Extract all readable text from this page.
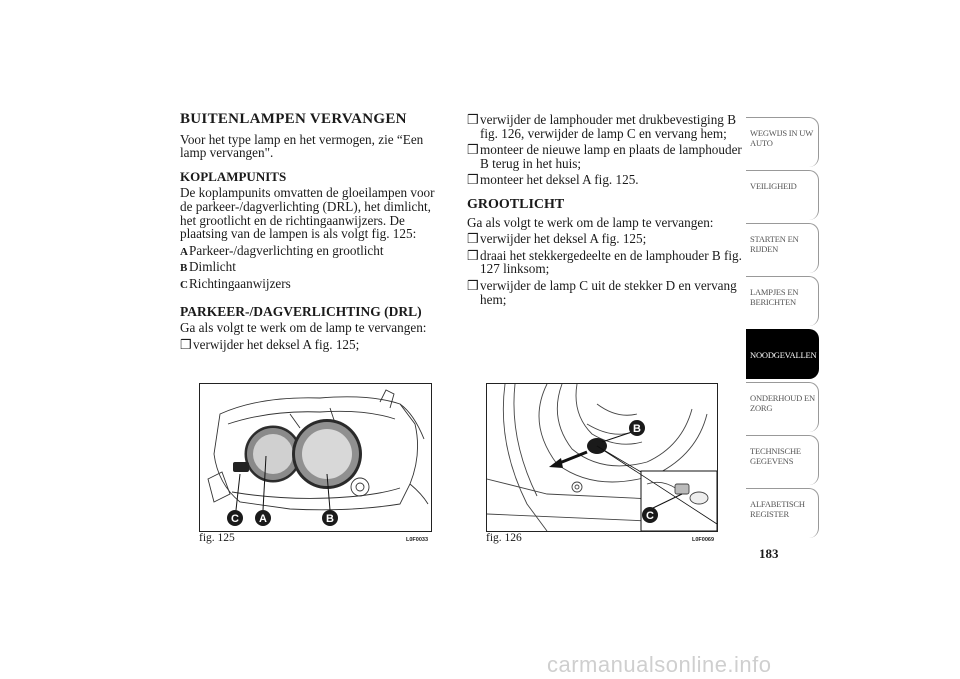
BUITENLAMPEN VERVANGEN
Voor het type lamp en het vermogen, zie “Een lamp vervangen".
KOPLAMPUNITS
De koplampunits omvatten de gloeilampen voor de parkeer-/dagverlichting (DRL), het dimlicht, het grootlicht en de richtingaanwijzers. De plaatsing van de lampen is als volgt fig. 125:
AParkeer-/dagverlichting en grootlicht
B Dimlicht
CRichtingaanwijzers
PARKEER-/DAGVERLICHTING (DRL)
Ga als volgt te werk om de lamp te vervangen:
❒ verwijder het deksel A fig. 125;
❒ verwijder de lamphouder met drukbevestiging B fig. 126, verwijder de lamp C en vervang hem;
❒ monteer de nieuwe lamp en plaats de lamphouder B terug in het huis;
❒ monteer het deksel A fig. 125.
GROOTLICHT
Ga als volgt te werk om de lamp te vervangen:
❒ verwijder het deksel A fig. 125;
❒ draai het stekkergedeelte en de lamphouder B fig. 127 linksom;
❒ verwijder de lamp C uit de stekker D en vervang hem;
C A	B
fig. 125	L0F0033
B
C
fig. 126	L0F0069
WEGWIJS IN UW AUTO
VEILIGHEID
STARTEN EN RIJDEN
LAMPJES EN BERICHTEN
NOODGEVALLEN
ONDERHOUD EN ZORG
TECHNISCHE GEGEVENS
ALFABETISCH REGISTER
183
carmanualsonline.info
